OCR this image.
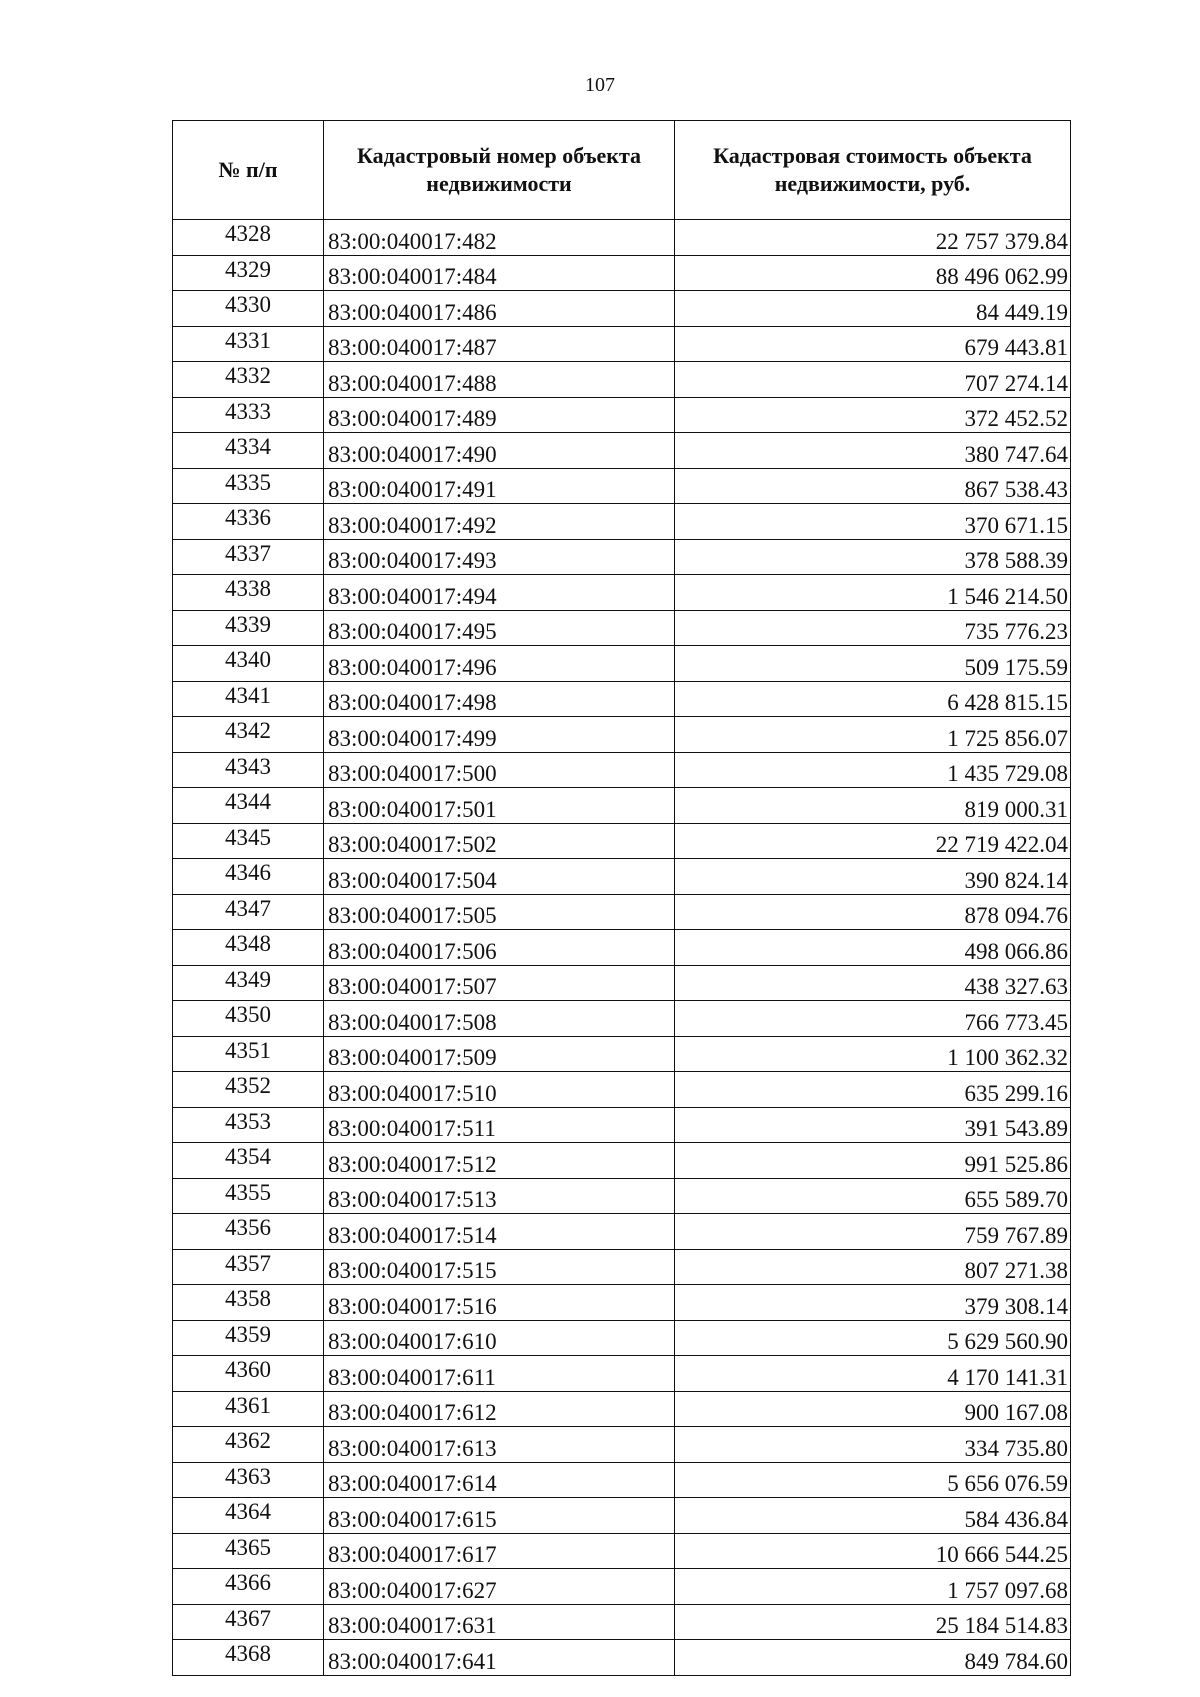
107
№ п/п	Кадастровый номер объекта недвижимости	Кадастровая стоимость объекта недвижимости, руб.
4328	83:00:040017:482	22 757 379.84
4329	83:00:040017:484	88 496 062.99
4330	83:00:040017:486	84 449.19
4331	83:00:040017:487	679 443.81
4332	83:00:040017:488	707 274.14
4333	83:00:040017:489	372 452.52
4334	83:00:040017:490	380 747.64
4335	83:00:040017:491	867 538.43
4336	83:00:040017:492	370 671.15
4337	83:00:040017:493	378 588.39
4338	83:00:040017:494	1 546 214.50
4339	83:00:040017:495	735 776.23
4340	83:00:040017:496	509 175.59
4341	83:00:040017:498	6 428 815.15
4342	83:00:040017:499	1 725 856.07
4343	83:00:040017:500	1 435 729.08
4344	83:00:040017:501	819 000.31
4345	83:00:040017:502	22 719 422.04
4346	83:00:040017:504	390 824.14
4347	83:00:040017:505	878 094.76
4348	83:00:040017:506	498 066.86
4349	83:00:040017:507	438 327.63
4350	83:00:040017:508	766 773.45
4351	83:00:040017:509	1 100 362.32
4352	83:00:040017:510	635 299.16
4353	83:00:040017:511	391 543.89
4354	83:00:040017:512	991 525.86
4355	83:00:040017:513	655 589.70
4356	83:00:040017:514	759 767.89
4357	83:00:040017:515	807 271.38
4358	83:00:040017:516	379 308.14
4359	83:00:040017:610	5 629 560.90
4360	83:00:040017:611	4 170 141.31
4361	83:00:040017:612	900 167.08
4362	83:00:040017:613	334 735.80
4363	83:00:040017:614	5 656 076.59
4364	83:00:040017:615	584 436.84
4365	83:00:040017:617	10 666 544.25
4366	83:00:040017:627	1 757 097.68
4367	83:00:040017:631	25 184 514.83
4368	83:00:040017:641	849 784.60
